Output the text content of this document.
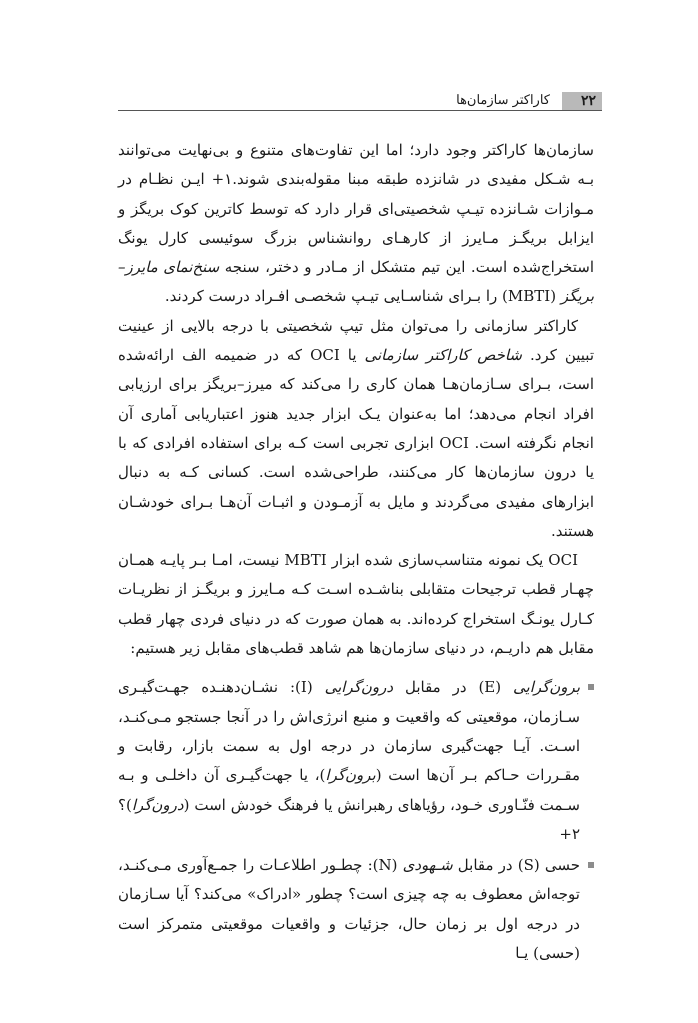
۲۲
کاراکتر سازمان‌ها

سازمان‌ها کاراکتر وجود دارد؛ اما این تفاوت‌های متنوع و بی‌نهایت می‌توانند بـه شـکل مفیدی در شانزده طبقه مبنا مقوله‌بندی شوند.۱+ ایـن نظـام در مـوازات شـانزده تیـپ شخصیتی‌ای قرار دارد که توسط کاترین کوک بریگز و ایزابل بریگـز مـایرز از کارهـای روانشناس بزرگ سوئیسی کارل یونگ استخراج‌شده است. این تیم متشکل از مـادر و دختر، سنجه سنخ‌نمای مایرز–بریگز (MBTI) را بـرای شناسـایی تیـپ شخصـی افـراد درست کردند.

کاراکتر سازمانی را می‌توان مثل تیپ شخصیتی با درجه بالایی از عینیت تبیین کرد. شاخص کاراکتر سازمانی یا OCI که در ضمیمه الف ارائه‌شده است، بـرای سـازمان‌هـا همان کاری را می‌کند که میرز–بریگز برای ارزیابی افراد انجام می‌دهد؛ اما به‌عنوان یـک ابزار جدید هنوز اعتباریابی آماری آن انجام نگرفته است. OCI ابزاری تجربی است کـه برای استفاده افرادی که با یا درون سازمان‌ها کار می‌کنند، طراحی‌شده است. کسانی کـه به دنبال ابزارهای مفیدی می‌گردند و مایل به آزمـودن و اثبـات آن‌هـا بـرای خودشـان هستند.

OCI یک نمونه متناسب‌سازی شده ابزار MBTI نیست، امـا بـر پایـه همـان چهـار قطب ترجیحات متقابلی بناشـده اسـت کـه مـایرز و بریگـز از نظریـات کـارل یونـگ استخراج کرده‌اند. به همان صورت که در دنیای فردی چهار قطب مقابل هم داریـم، در دنیای سازمان‌ها هم شاهد قطب‌های مقابل زیر هستیم:

برون‌گرایی (E) در مقابل درون‌گرایی (I): نشـان‌دهنـده جهـت‌گیـری سـازمان، موقعیتی که واقعیت و منبع انرژی‌اش را در آنجا جستجو مـی‌کنـد، اسـت. آیـا جهت‌گیری سازمان در درجه اول به سمت بازار، رقابت و مقـررات حـاکم بـر آن‌ها است (برون‌گرا)، یا جهت‌گیـری آن داخلـی و بـه سـمت فنّـاوری خـود، رؤیاهای رهبرانش یا فرهنگ خودش است (درون‌گرا)؟ ۲+
حسی (S) در مقابل شـهودی (N): چطـور اطلاعـات را جمـع‌آوری مـی‌کنـد، توجه‌اش معطوف به چه چیزی است؟ چطور «ادراک» می‌کند؟ آیا سـازمان در درجه اول بر زمان حال، جزئیات و واقعیات موقعیتی متمرکز است (حسی) یـا
